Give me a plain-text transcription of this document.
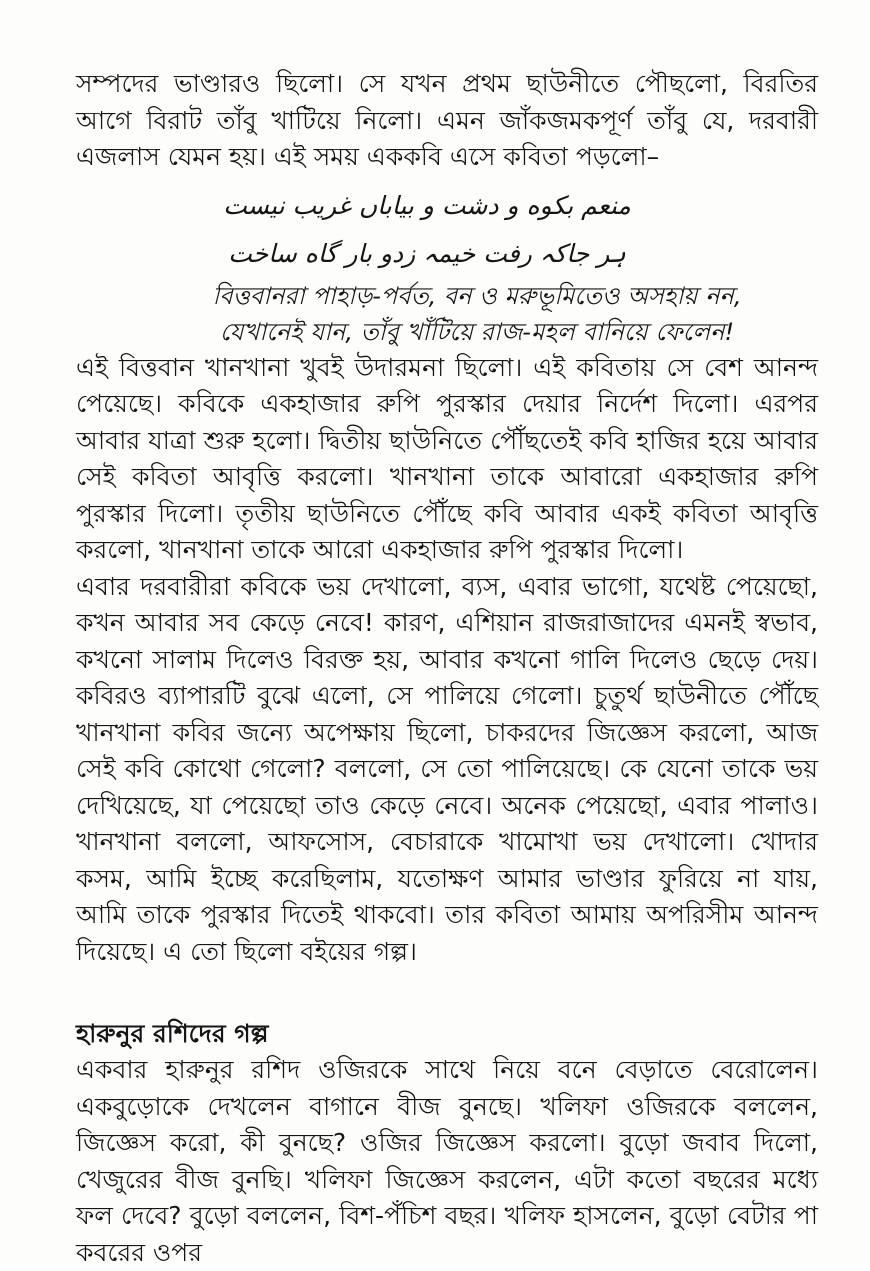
সম্পদের ভাণ্ডারও ছিলো। সে যখন প্রথম ছাউনীতে পৌছলো, বিরতির আগে বিরাট তাঁবু খাটিয়ে নিলো। এমন জাঁকজমকপূর্ণ তাঁবু যে, দরবারী এজলাস যেমন হয়। এই সময় এককবি এসে কবিতা পড়লো–

منعم بکوه و دشت و بیاباں غریب نیست

ہر جاکہ رفت خیمہ زدو بار گاه ساخت

বিত্তবানরা পাহাড়-পর্বত, বন ও মরুভূমিতেও অসহায় নন,

যেখানেই যান, তাঁবু খাঁটিয়ে রাজ-মহল বানিয়ে ফেলেন!

এই বিত্তবান খানখানা খুবই উদারমনা ছিলো। এই কবিতায় সে বেশ আনন্দ পেয়েছে। কবিকে একহাজার রুপি পুরস্কার দেয়ার নির্দেশ দিলো। এরপর আবার যাত্রা শুরু হলো। দ্বিতীয় ছাউনিতে পৌঁছতেই কবি হাজির হয়ে আবার সেই কবিতা আবৃত্তি করলো। খানখানা তাকে আবারো একহাজার রুপি পুরস্কার দিলো। তৃতীয় ছাউনিতে পৌঁছে কবি আবার একই কবিতা আবৃত্তি করলো, খানখানা তাকে আরো একহাজার রুপি পুরস্কার দিলো।

এবার দরবারীরা কবিকে ভয় দেখালো, ব্যস, এবার ভাগো, যথেষ্ট পেয়েছো, কখন আবার সব কেড়ে নেবে! কারণ, এশিয়ান রাজরাজাদের এমনই স্বভাব, কখনো সালাম দিলেও বিরক্ত হয়, আবার কখনো গালি দিলেও ছেড়ে দেয়। কবিরও ব্যাপারটি বুঝে এলো, সে পালিয়ে গেলো। চুতুর্থ ছাউনীতে পৌঁছে খানখানা কবির জন্যে অপেক্ষায় ছিলো, চাকরদের জিজ্ঞেস করলো, আজ সেই কবি কোথো গেলো? বললো, সে তো পালিয়েছে। কে যেনো তাকে ভয় দেখিয়েছে, যা পেয়েছো তাও কেড়ে নেবে। অনেক পেয়েছো, এবার পালাও। খানখানা বললো, আফসোস, বেচারাকে খামোখা ভয় দেখালো। খোদার কসম, আমি ইচ্ছে করেছিলাম, যতোক্ষণ আমার ভাণ্ডার ফুরিয়ে না যায়, আমি তাকে পুরস্কার দিতেই থাকবো। তার কবিতা আমায় অপরিসীম আনন্দ দিয়েছে। এ তো ছিলো বইয়ের গল্প।

হারুনুর রশিদের গল্প

একবার হারুনুর রশিদ ওজিরকে সাথে নিয়ে বনে বেড়াতে বেরোলেন। একবুড়োকে দেখলেন বাগানে বীজ বুনছে। খলিফা ওজিরকে বললেন, জিজ্ঞেস করো, কী বুনছে? ওজির জিজ্ঞেস করলো। বুড়ো জবাব দিলো, খেজুরের বীজ বুনছি। খলিফা জিজ্ঞেস করলেন, এটা কতো বছরের মধ্যে ফল দেবে? বুড়ো বললেন, বিশ-পঁচিশ বছর। খলিফ হাসলেন, বুড়ো বেটার পা কবরের ওপর
